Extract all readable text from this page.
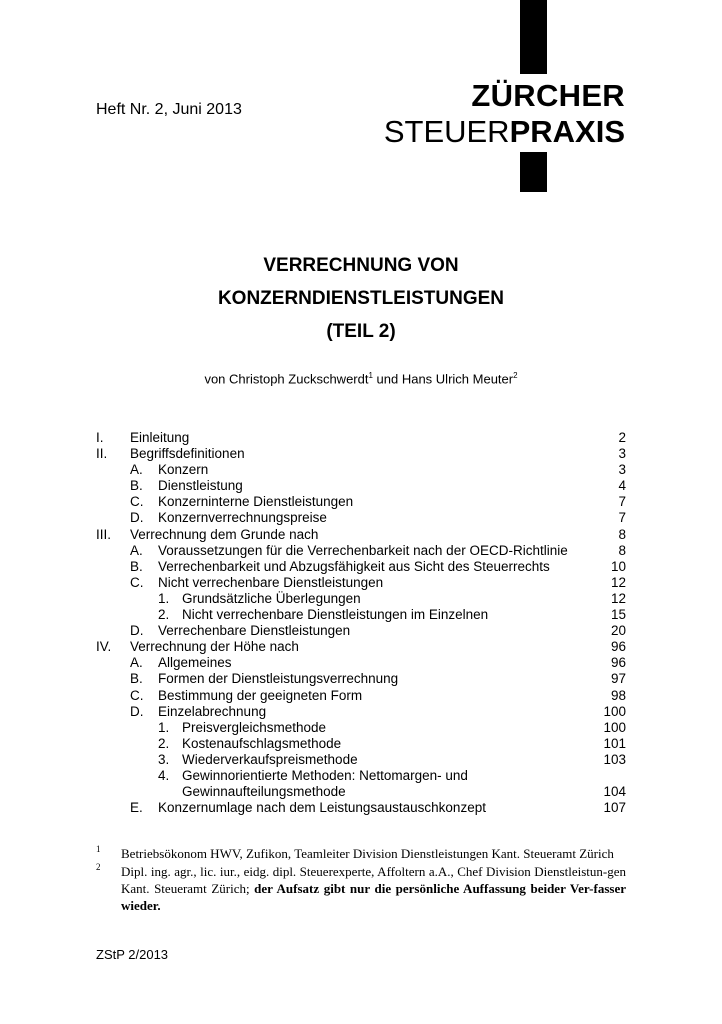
Heft Nr. 2, Juni 2013	ZÜRCHER
STEUERPRAXIS
VERRECHNUNG VON
KONZERNDIENSTLEISTUNGEN
(TEIL 2)
von Christoph Zuckschwerdt$^1$ und Hans Ulrich Meuter$^2$
I. Einleitung	2
II. Begriffsdefinitionen	3
A. Konzern	3
B. Dienstleistung	4
C. Konzerninterne Dienstleistungen	7
D. Konzernverrechnungspreise	7
III. Verrechnung dem Grunde nach	8
A. Voraussetzungen für die Verrechenbarkeit nach der OECD-Richtlinie	8
B. Verrechenbarkeit und Abzugsfähigkeit aus Sicht des Steuerrechts	10
C. Nicht verrechenbare Dienstleistungen	12
1. Grundsätzliche Überlegungen	12
2. Nicht verrechenbare Dienstleistungen im Einzelnen	15
D. Verrechenbare Dienstleistungen	20
IV. Verrechnung der Höhe nach	96
A. Allgemeines	96
B. Formen der Dienstleistungsverrechnung	97
C. Bestimmung der geeigneten Form	98
D. Einzelabrechnung	100
1. Preisvergleichsmethode	100
2. Kostenaufschlagsmethode	101
3. Wiederverkaufspreismethode	103
4. Gewinnorientierte Methoden: Nettomargen- und
Gewinnaufteilungsmethode	104
E. Konzernumlage nach dem Leistungsaustauschkonzept	107
1 Betriebsökonom HWV, Zufikon, Teamleiter Division Dienstleistungen Kant. Steueramt Zürich
2 Dipl. ing. agr., lic. iur., eidg. dipl. Steuerexperte, Affoltern a.A., Chef Division Dienstleistun-gen Kant. Steueramt Zürich; der Aufsatz gibt nur die persönliche Auffassung beider Ver-fasser wieder.
ZStP 2/2013
